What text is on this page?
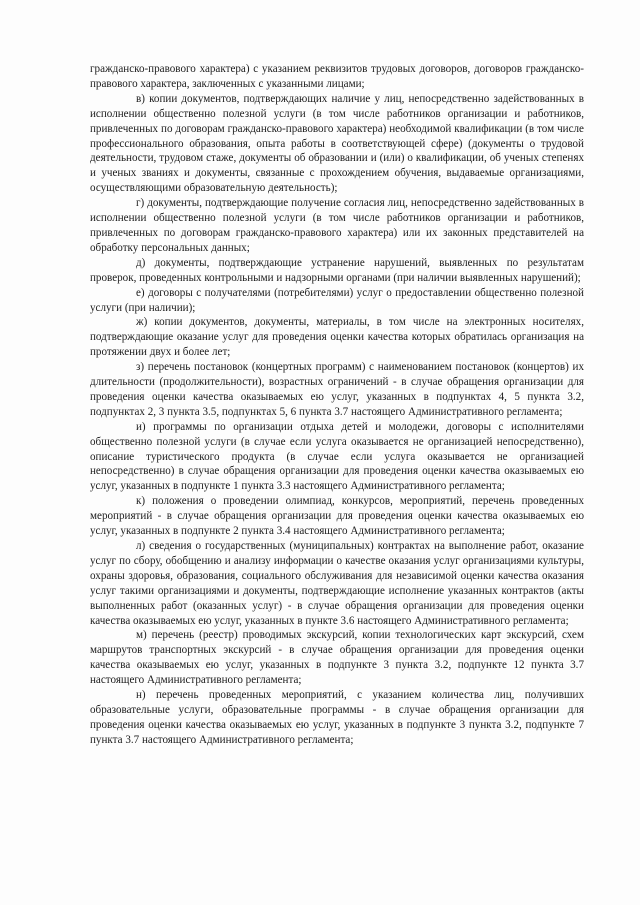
гражданско-правового характера) с указанием реквизитов трудовых договоров, договоров гражданско-правового характера, заключенных с указанными лицами;

в) копии документов, подтверждающих наличие у лиц, непосредственно задействованных в исполнении общественно полезной услуги (в том числе работников организации и работников, привлеченных по договорам гражданско-правового характера) необходимой квалификации (в том числе профессионального образования, опыта работы в соответствующей сфере) (документы о трудовой деятельности, трудовом стаже, документы об образовании и (или) о квалификации, об ученых степенях и ученых званиях и документы, связанные с прохождением обучения, выдаваемые организациями, осуществляющими образовательную деятельность);

г) документы, подтверждающие получение согласия лиц, непосредственно задействованных в исполнении общественно полезной услуги (в том числе работников организации и работников, привлеченных по договорам гражданско-правового характера) или их законных представителей на обработку персональных данных;

д) документы, подтверждающие устранение нарушений, выявленных по результатам проверок, проведенных контрольными и надзорными органами (при наличии выявленных нарушений);

е) договоры с получателями (потребителями) услуг о предоставлении общественно полезной услуги (при наличии);

ж) копии документов, документы, материалы, в том числе на электронных носителях, подтверждающие оказание услуг для проведения оценки качества которых обратилась организация на протяжении двух и более лет;

з) перечень постановок (концертных программ) с наименованием постановок (концертов) их длительности (продолжительности), возрастных ограничений - в случае обращения организации для проведения оценки качества оказываемых ею услуг, указанных в подпунктах 4, 5 пункта 3.2, подпунктах 2, 3 пункта 3.5, подпунктах 5, 6 пункта 3.7 настоящего Административного регламента;

и) программы по организации отдыха детей и молодежи, договоры с исполнителями общественно полезной услуги (в случае если услуга оказывается не организацией непосредственно), описание туристического продукта (в случае если услуга оказывается не организацией непосредственно) в случае обращения организации для проведения оценки качества оказываемых ею услуг, указанных в подпункте 1 пункта 3.3 настоящего Административного регламента;

к) положения о проведении олимпиад, конкурсов, мероприятий, перечень проведенных мероприятий - в случае обращения организации для проведения оценки качества оказываемых ею услуг, указанных в подпункте 2 пункта 3.4 настоящего Административного регламента;

л) сведения о государственных (муниципальных) контрактах на выполнение работ, оказание услуг по сбору, обобщению и анализу информации о качестве оказания услуг организациями культуры, охраны здоровья, образования, социального обслуживания для независимой оценки качества оказания услуг такими организациями и документы, подтверждающие исполнение указанных контрактов (акты выполненных работ (оказанных услуг) - в случае обращения организации для проведения оценки качества оказываемых ею услуг, указанных в пункте 3.6 настоящего Административного регламента;

м) перечень (реестр) проводимых экскурсий, копии технологических карт экскурсий, схем маршрутов транспортных экскурсий - в случае обращения организации для проведения оценки качества оказываемых ею услуг, указанных в подпункте 3 пункта 3.2, подпункте 12 пункта 3.7 настоящего Административного регламента;

н) перечень проведенных мероприятий, с указанием количества лиц, получивших образовательные услуги, образовательные программы - в случае обращения организации для проведения оценки качества оказываемых ею услуг, указанных в подпункте 3 пункта 3.2, подпункте 7 пункта 3.7 настоящего Административного регламента;
